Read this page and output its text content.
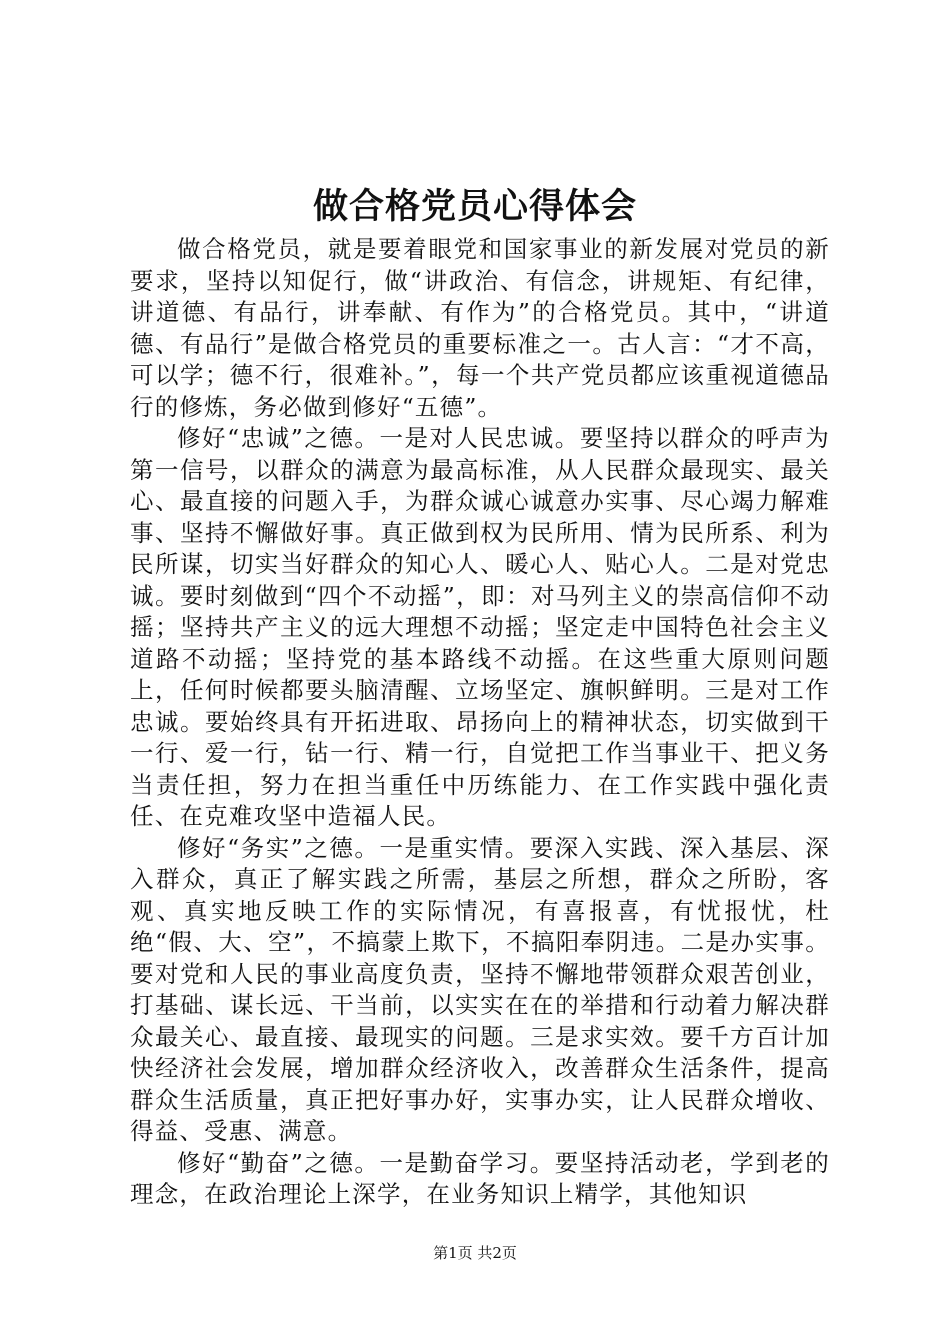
做合格党员心得体会

做合格党员，就是要着眼党和国家事业的新发展对党员的新要求，坚持以知促行，做“讲政治、有信念，讲规矩、有纪律，讲道德、有品行，讲奉献、有作为”的合格党员。其中，“讲道德、有品行”是做合格党员的重要标准之一。古人言：“才不高，可以学；德不行，很难补。”，每一个共产党员都应该重视道德品行的修炼，务必做到修好“五德”。

修好“忠诚”之德。一是对人民忠诚。要坚持以群众的呼声为第一信号，以群众的满意为最高标准，从人民群众最现实、最关心、最直接的问题入手，为群众诚心诚意办实事、尽心竭力解难事、坚持不懈做好事。真正做到权为民所用、情为民所系、利为民所谋，切实当好群众的知心人、暖心人、贴心人。二是对党忠诚。要时刻做到“四个不动摇”，即：对马列主义的崇高信仰不动摇；坚持共产主义的远大理想不动摇；坚定走中国特色社会主义道路不动摇；坚持党的基本路线不动摇。在这些重大原则问题上，任何时候都要头脑清醒、立场坚定、旗帜鲜明。三是对工作忠诚。要始终具有开拓进取、昂扬向上的精神状态，切实做到干一行、爱一行，钻一行、精一行，自觉把工作当事业干、把义务当责任担，努力在担当重任中历练能力、在工作实践中强化责任、在克难攻坚中造福人民。

修好“务实”之德。一是重实情。要深入实践、深入基层、深入群众，真正了解实践之所需，基层之所想，群众之所盼，客观、真实地反映工作的实际情况，有喜报喜，有忧报忧，杜绝“假、大、空”，不搞蒙上欺下，不搞阳奉阴违。二是办实事。要对党和人民的事业高度负责，坚持不懈地带领群众艰苦创业，打基础、谋长远、干当前，以实实在在的举措和行动着力解决群众最关心、最直接、最现实的问题。三是求实效。要千方百计加快经济社会发展，增加群众经济收入，改善群众生活条件，提高群众生活质量，真正把好事办好，实事办实，让人民群众增收、得益、受惠、满意。

修好“勤奋”之德。一是勤奋学习。要坚持活动老，学到老的理念，在政治理论上深学，在业务知识上精学，其他知识

第1页 共2页
